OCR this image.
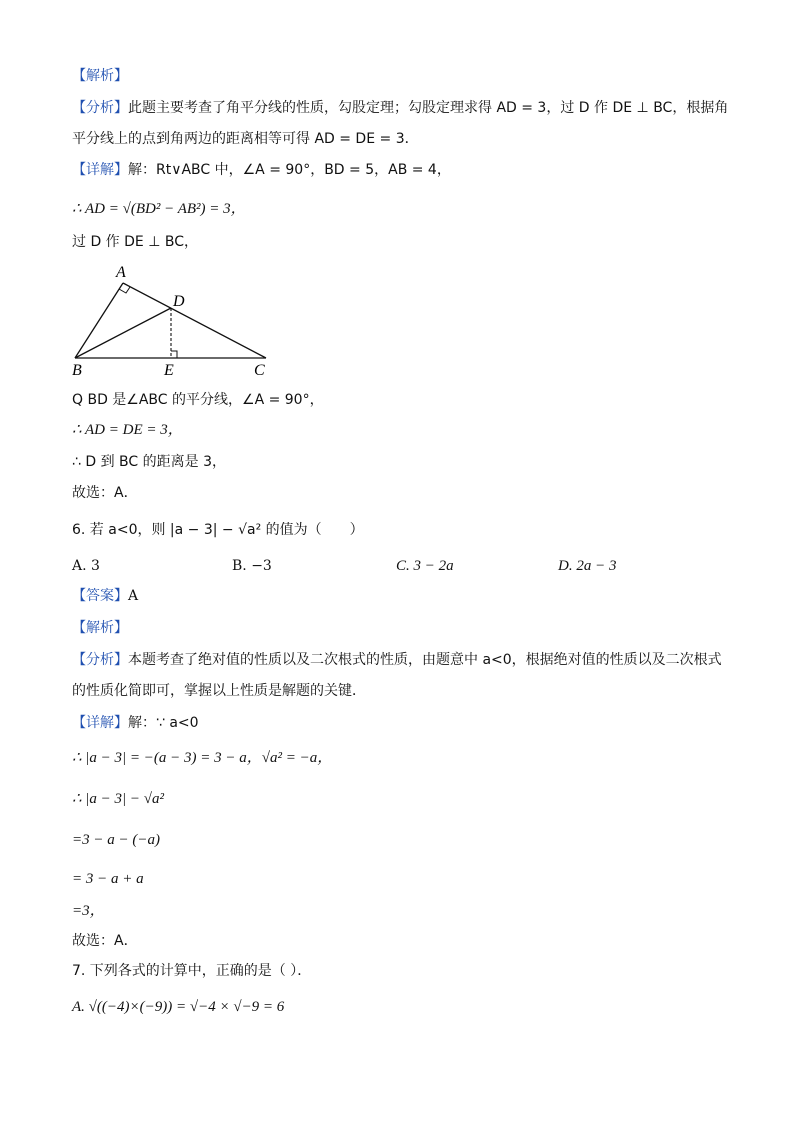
【解析】
【分析】此题主要考查了角平分线的性质，勾股定理；勾股定理求得 AD = 3，过 D 作 DE ⊥ BC，根据角
平分线上的点到角两边的距离相等可得 AD = DE = 3．
【详解】解：Rt∨ABC 中，∠A = 90°，BD = 5，AB = 4，
∴ AD = √(BD² − AB²) = 3，
过 D 作 DE ⊥ BC，
A
D
B	E	C
Q BD 是∠ABC 的平分线，∠A = 90°，
∴ AD = DE = 3，
∴ D 到 BC 的距离是 3，
故选：A．
6. 若 a<0，则 |a − 3| − √a² 的值为（　　）
A. 3	B. −3	C. 3 − 2a	D. 2a − 3
【答案】A
【解析】
【分析】本题考查了绝对值的性质以及二次根式的性质，由题意中 a<0，根据绝对值的性质以及二次根式
的性质化简即可，掌握以上性质是解题的关键．
【详解】解：∵ a<0
∴ |a − 3| = −(a − 3) = 3 − a，√a² = −a，
∴ |a − 3| − √a²
=3 − a − (−a)
= 3 − a + a
=3，
故选：A．
7. 下列各式的计算中，正确的是（ ）．
A. √((−4)×(−9)) = √−4 × √−9 = 6
